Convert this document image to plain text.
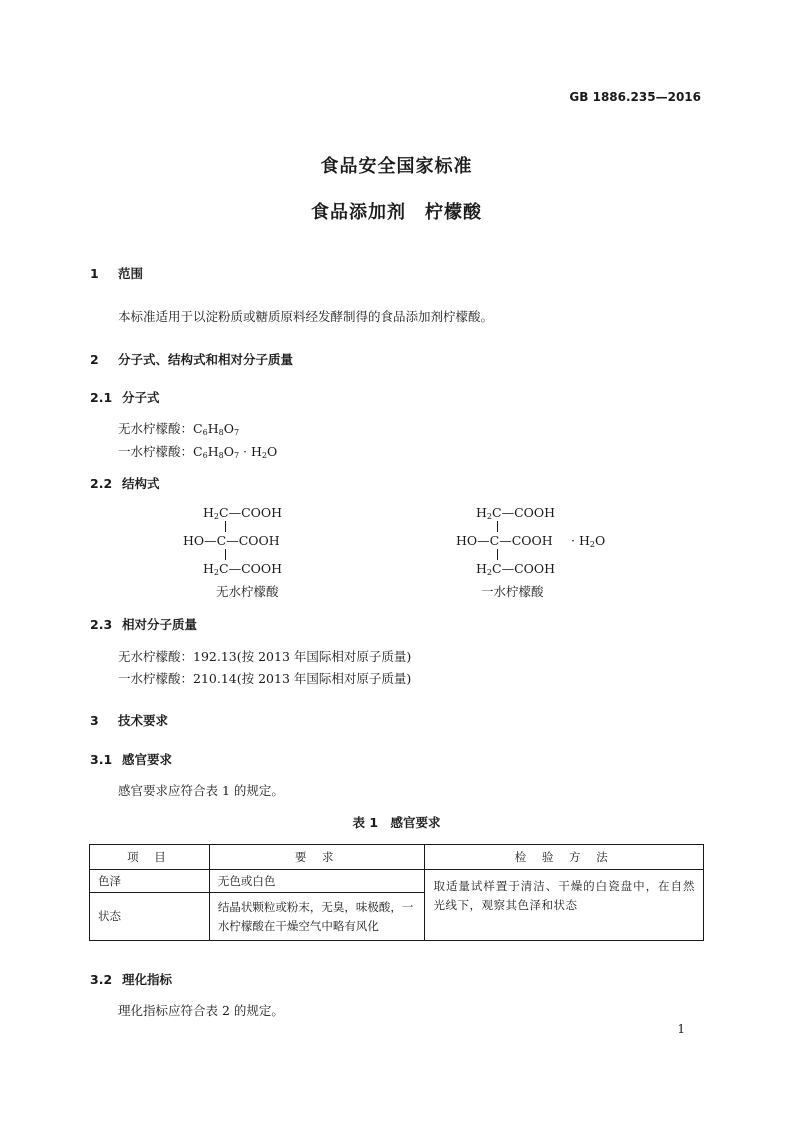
GB 1886.235—2016
食品安全国家标准
食品添加剂　柠檬酸
1 范围
本标准适用于以淀粉质或糖质原料经发酵制得的食品添加剂柠檬酸。
2 分子式、结构式和相对分子质量
2.1 分子式
无水柠檬酸：$C_6H_8O_7$
一水柠檬酸：$C_6H_8O_7 \cdot H_2O$
2.2 结构式
$H_2C—COOH$
HO—C—COOH
$H_2C—COOH$
无水柠檬酸
$H_2C—COOH$
HO—C—COOH · $H_2O$
$H_2C—COOH$
一水柠檬酸
2.3 相对分子质量
无水柠檬酸：192.13(按 2013 年国际相对原子质量)
一水柠檬酸：210.14(按 2013 年国际相对原子质量)
3 技术要求
3.1 感官要求
感官要求应符合表 1 的规定。
表 1　感官要求
项 目	要 求	检 验 方 法
色泽	无色或白色	取适量试样置于清洁、干燥的白瓷盘中，在自然光线下，观察其色泽和状态
状态	结晶状颗粒或粉末，无臭，味极酸，一水柠檬酸在干燥空气中略有风化	
3.2 理化指标
理化指标应符合表 2 的规定。
1
